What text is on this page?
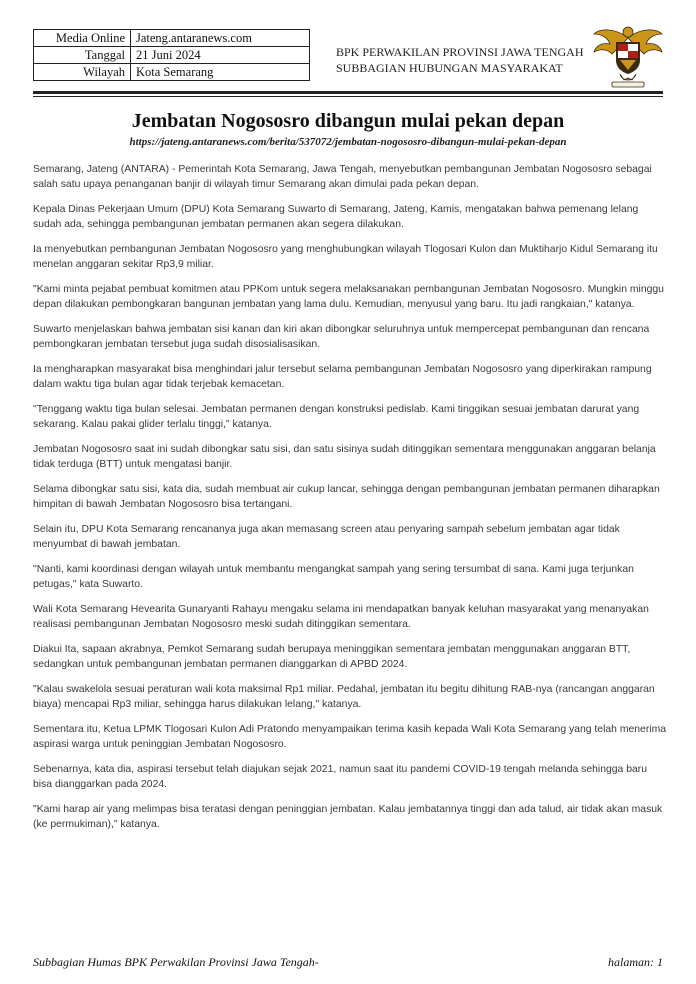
Media Online	Jateng.antaranews.com
Tanggal	21 Juni 2024
Wilayah	Kota Semarang
BPK PERWAKILAN PROVINSI JAWA TENGAH
SUBBAGIAN HUBUNGAN MASYARAKAT
Jembatan Nogososro dibangun mulai pekan depan
https://jateng.antaranews.com/berita/537072/jembatan-nogososro-dibangun-mulai-pekan-depan

Semarang, Jateng (ANTARA) - Pemerintah Kota Semarang, Jawa Tengah, menyebutkan pembangunan Jembatan Nogososro sebagai salah satu upaya penanganan banjir di wilayah timur Semarang akan dimulai pada pekan depan.

Kepala Dinas Pekerjaan Umum (DPU) Kota Semarang Suwarto di Semarang, Jateng, Kamis, mengatakan bahwa pemenang lelang sudah ada, sehingga pembangunan jembatan permanen akan segera dilakukan.

Ia menyebutkan pembangunan Jembatan Nogososro yang menghubungkan wilayah Tlogosari Kulon dan Muktiharjo Kidul Semarang itu menelan anggaran sekitar Rp3,9 miliar.

"Kami minta pejabat pembuat komitmen atau PPKom untuk segera melaksanakan pembangunan Jembatan Nogososro. Mungkin minggu depan dilakukan pembongkaran bangunan jembatan yang lama dulu. Kemudian, menyusul yang baru. Itu jadi rangkaian," katanya.

Suwarto menjelaskan bahwa jembatan sisi kanan dan kiri akan dibongkar seluruhnya untuk mempercepat pembangunan dan rencana pembongkaran jembatan tersebut juga sudah disosialisasikan.

Ia mengharapkan masyarakat bisa menghindari jalur tersebut selama pembangunan Jembatan Nogososro yang diperkirakan rampung dalam waktu tiga bulan agar tidak terjebak kemacetan.

"Tenggang waktu tiga bulan selesai. Jembatan permanen dengan konstruksi pedislab. Kami tinggikan sesuai jembatan darurat yang sekarang. Kalau pakai glider terlalu tinggi," katanya.

Jembatan Nogososro saat ini sudah dibongkar satu sisi, dan satu sisinya sudah ditinggikan sementara menggunakan anggaran belanja tidak terduga (BTT) untuk mengatasi banjir.

Selama dibongkar satu sisi, kata dia, sudah membuat air cukup lancar, sehingga dengan pembangunan jembatan permanen diharapkan himpitan di bawah Jembatan Nogososro bisa tertangani.

Selain itu, DPU Kota Semarang rencananya juga akan memasang screen atau penyaring sampah sebelum jembatan agar tidak menyumbat di bawah jembatan.

"Nanti, kami koordinasi dengan wilayah untuk membantu mengangkat sampah yang sering tersumbat di sana. Kami juga terjunkan petugas," kata Suwarto.

Wali Kota Semarang Hevearita Gunaryanti Rahayu mengaku selama ini mendapatkan banyak keluhan masyarakat yang menanyakan realisasi pembangunan Jembatan Nogososro meski sudah ditinggikan sementara.

Diakui Ita, sapaan akrabnya, Pemkot Semarang sudah berupaya meninggikan sementara jembatan menggunakan anggaran BTT, sedangkan untuk pembangunan jembatan permanen dianggarkan di APBD 2024.

"Kalau swakelola sesuai peraturan wali kota maksimal Rp1 miliar. Pedahal, jembatan itu begitu dihitung RAB-nya (rancangan anggaran biaya) mencapai Rp3 miliar, sehingga harus dilakukan lelang," katanya.

Sementara itu, Ketua LPMK Tlogosari Kulon Adi Pratondo menyampaikan terima kasih kepada Wali Kota Semarang yang telah menerima aspirasi warga untuk peninggian Jembatan Nogososro.

Sebenarnya, kata dia, aspirasi tersebut telah diajukan sejak 2021, namun saat itu pandemi COVID-19 tengah melanda sehingga baru bisa dianggarkan pada 2024.

"Kami harap air yang melimpas bisa teratasi dengan peninggian jembatan. Kalau jembatannya tinggi dan ada talud, air tidak akan masuk (ke permukiman)," katanya.

Subbagian Humas BPK Perwakilan Provinsi Jawa Tengah-	halaman: 1
